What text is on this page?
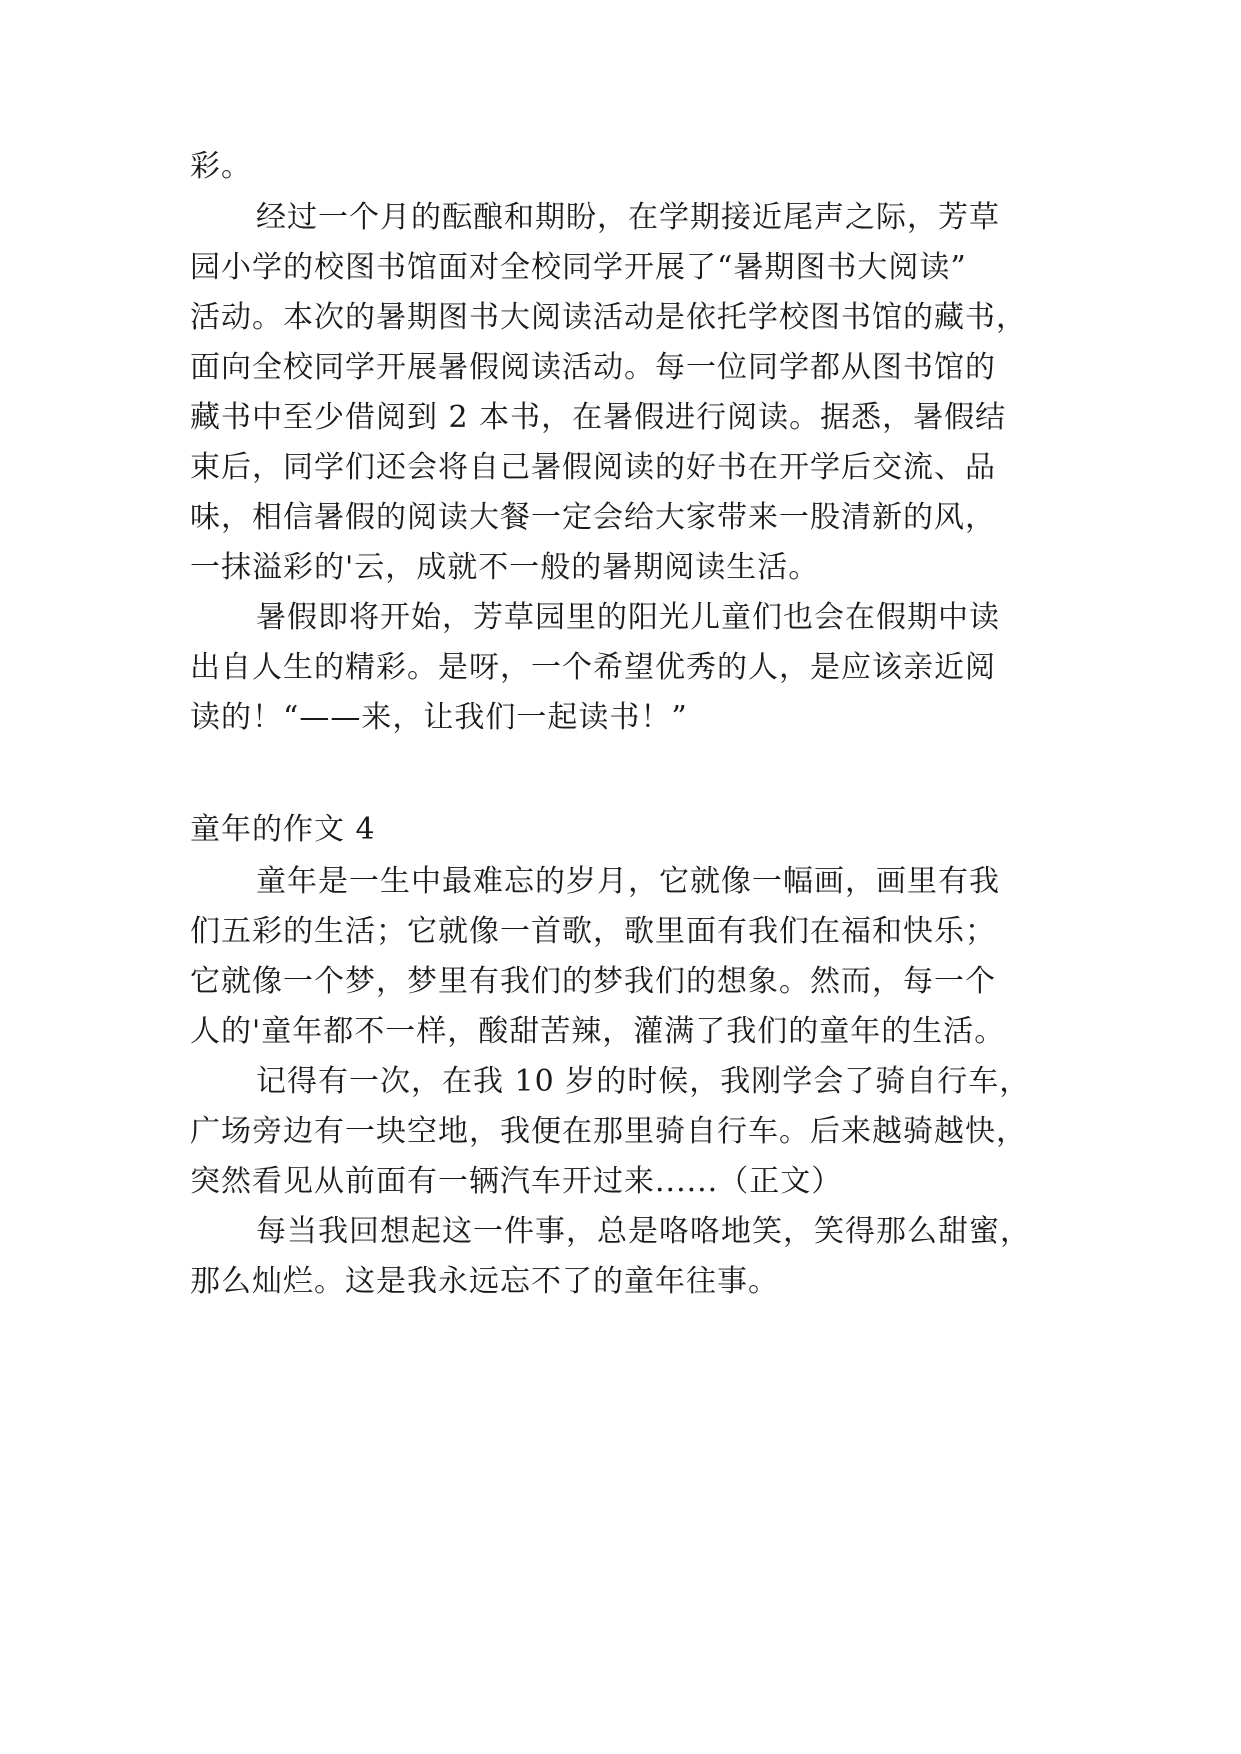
彩。
经过一个月的酝酿和期盼，在学期接近尾声之际，芳草
园小学的校图书馆面对全校同学开展了“暑期图书大阅读”
活动。本次的暑期图书大阅读活动是依托学校图书馆的藏书，
面向全校同学开展暑假阅读活动。每一位同学都从图书馆的
藏书中至少借阅到 2 本书，在暑假进行阅读。据悉，暑假结
束后，同学们还会将自己暑假阅读的好书在开学后交流、品
味，相信暑假的阅读大餐一定会给大家带来一股清新的风，
一抹溢彩的'云，成就不一般的暑期阅读生活。
暑假即将开始，芳草园里的阳光儿童们也会在假期中读
出自人生的精彩。是呀，一个希望优秀的人，是应该亲近阅
读的！“——来，让我们一起读书！”
童年的作文 4
童年是一生中最难忘的岁月，它就像一幅画，画里有我
们五彩的生活；它就像一首歌，歌里面有我们在福和快乐；
它就像一个梦，梦里有我们的梦我们的想象。然而，每一个
人的'童年都不一样，酸甜苦辣，灌满了我们的童年的生活。
记得有一次，在我 10 岁的时候，我刚学会了骑自行车，
广场旁边有一块空地，我便在那里骑自行车。后来越骑越快，
突然看见从前面有一辆汽车开过来......（正文）
每当我回想起这一件事，总是咯咯地笑，笑得那么甜蜜，
那么灿烂。这是我永远忘不了的童年往事。
